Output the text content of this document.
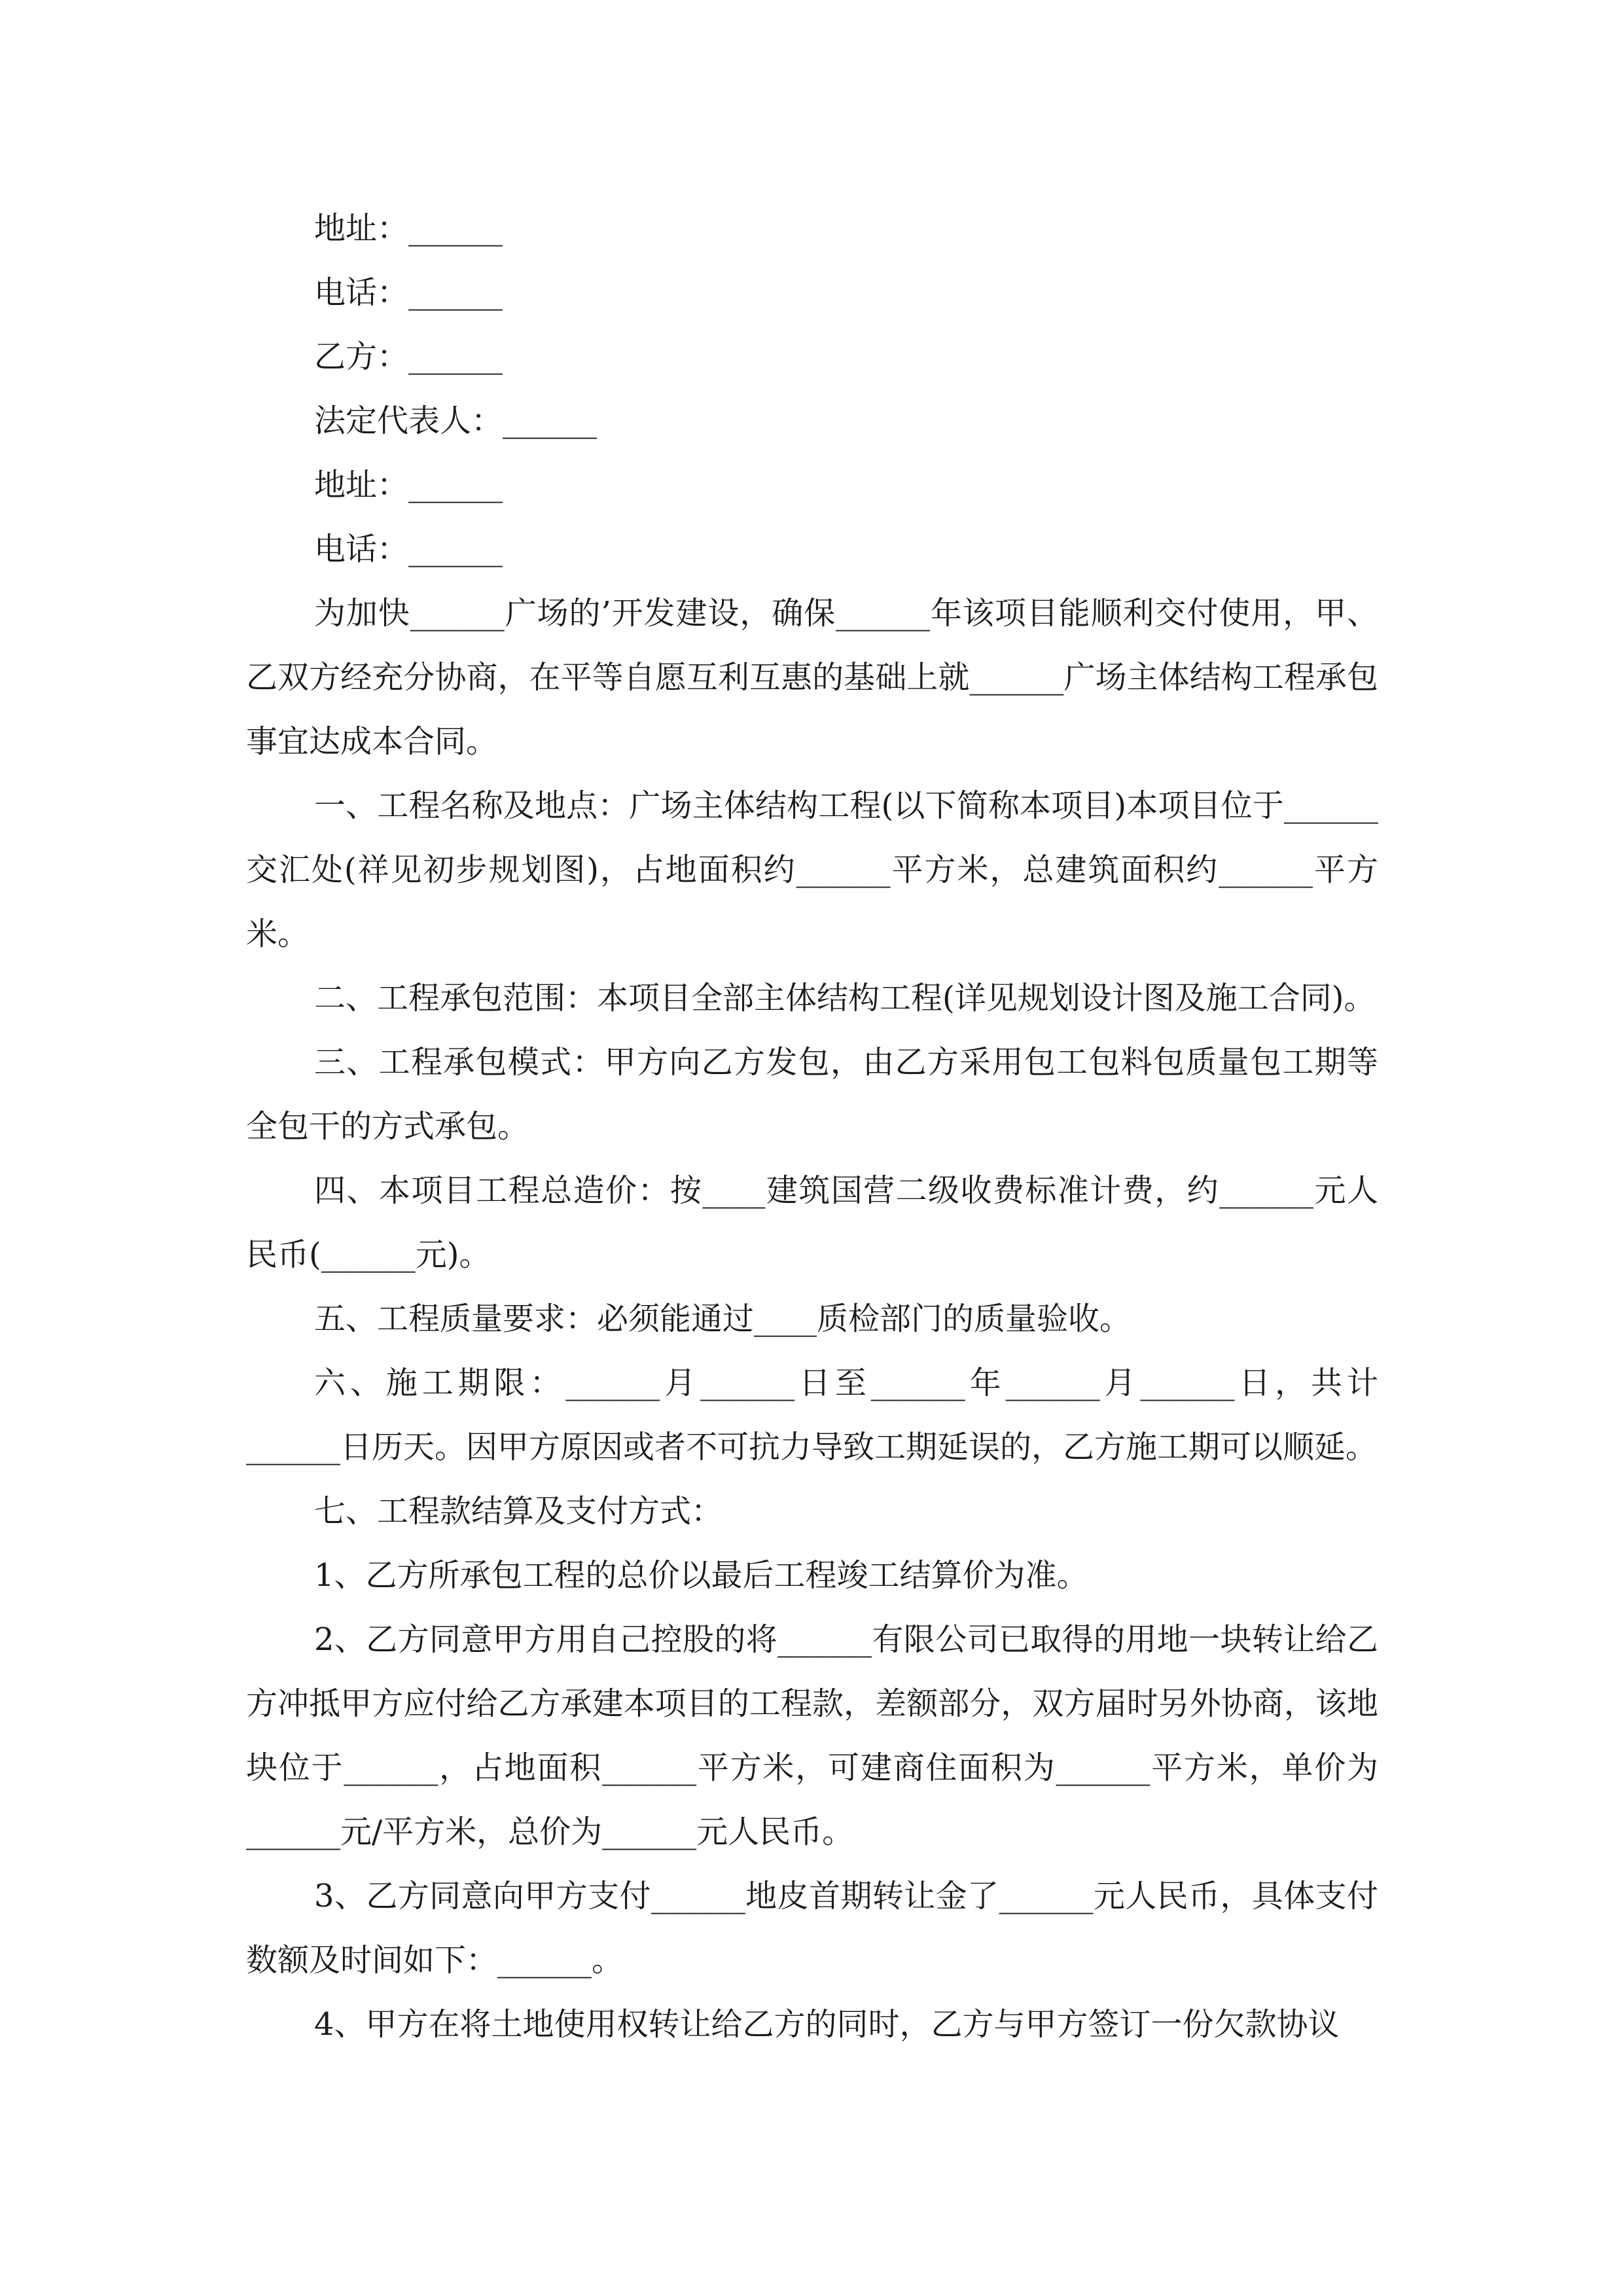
地址：______
电话：______
乙方：______
法定代表人：______
地址：______
电话：______
为加快______广场的’开发建设，确保______年该项目能顺利交付使用，甲、乙双方经充分协商，在平等自愿互利互惠的基础上就______广场主体结构工程承包事宜达成本合同。
一、工程名称及地点：广场主体结构工程(以下简称本项目)本项目位于______交汇处(祥见初步规划图)，占地面积约______平方米，总建筑面积约______平方米。
二、工程承包范围：本项目全部主体结构工程(详见规划设计图及施工合同)。
三、工程承包模式：甲方向乙方发包，由乙方采用包工包料包质量包工期等全包干的方式承包。
四、本项目工程总造价：按____建筑国营二级收费标准计费，约______元人民币(______元)。
五、工程质量要求：必须能通过____质检部门的质量验收。
六、施工期限：______月______日至______年______月______日，共计______日历天。因甲方原因或者不可抗力导致工期延误的，乙方施工期可以顺延。
七、工程款结算及支付方式：
1、乙方所承包工程的总价以最后工程竣工结算价为准。
2、乙方同意甲方用自己控股的将______有限公司已取得的用地一块转让给乙方冲抵甲方应付给乙方承建本项目的工程款，差额部分，双方届时另外协商，该地块位于______，占地面积______平方米，可建商住面积为______平方米，单价为______元/平方米，总价为______元人民币。
3、乙方同意向甲方支付______地皮首期转让金了______元人民币，具体支付数额及时间如下：______。
4、甲方在将土地使用权转让给乙方的同时，乙方与甲方签订一份欠款协议
